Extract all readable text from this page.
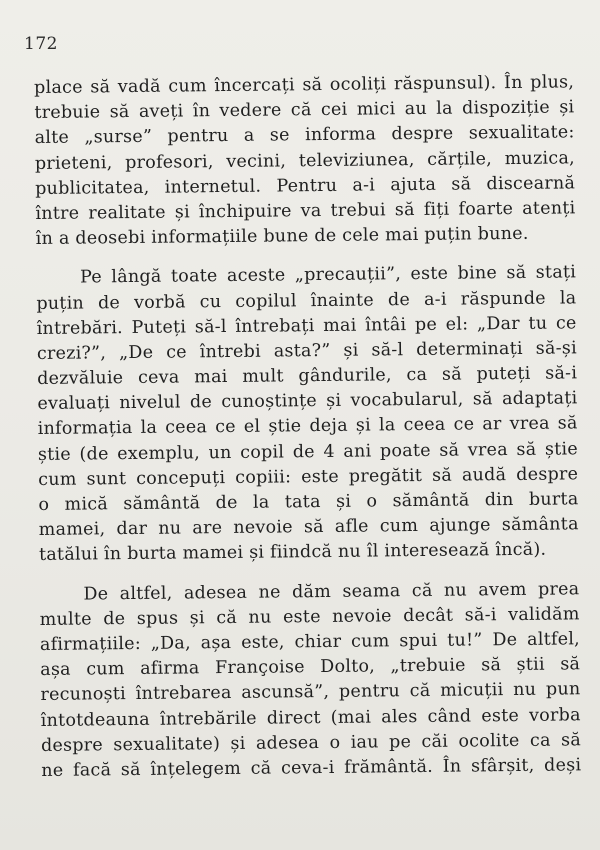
172
place să vadă cum încercați să ocoliți răspunsul). În plus,
trebuie să aveți în vedere că cei mici au la dispoziție și
alte „surse” pentru a se informa despre sexualitate:
prieteni, profesori, vecini, televiziunea, cărțile, muzica,
publicitatea, internetul. Pentru a-i ajuta să discearnă
între realitate și închipuire va trebui să fiți foarte atenți
în a deosebi informațiile bune de cele mai puțin bune.
Pe lângă toate aceste „precauții”, este bine să stați
puțin de vorbă cu copilul înainte de a-i răspunde la
întrebări. Puteți să-l întrebați mai întâi pe el: „Dar tu ce
crezi?”, „De ce întrebi asta?” și să-l determinați să-și
dezvăluie ceva mai mult gândurile, ca să puteți să-i
evaluați nivelul de cunoștințe și vocabularul, să adaptați
informația la ceea ce el știe deja și la ceea ce ar vrea să
știe (de exemplu, un copil de 4 ani poate să vrea să știe
cum sunt concepuți copiii: este pregătit să audă despre
o mică sământă de la tata și o sământă din burta
mamei, dar nu are nevoie să afle cum ajunge sământa
tatălui în burta mamei și fiindcă nu îl interesează încă).
De altfel, adesea ne dăm seama că nu avem prea
multe de spus și că nu este nevoie decât să-i validăm
afirmațiile: „Da, așa este, chiar cum spui tu!” De altfel,
așa cum afirma Françoise Dolto, „trebuie să știi să
recunoști întrebarea ascunsă”, pentru că micuții nu pun
întotdeauna întrebările direct (mai ales când este vorba
despre sexualitate) și adesea o iau pe căi ocolite ca să
ne facă să înțelegem că ceva-i frământă. În sfârșit, deși
